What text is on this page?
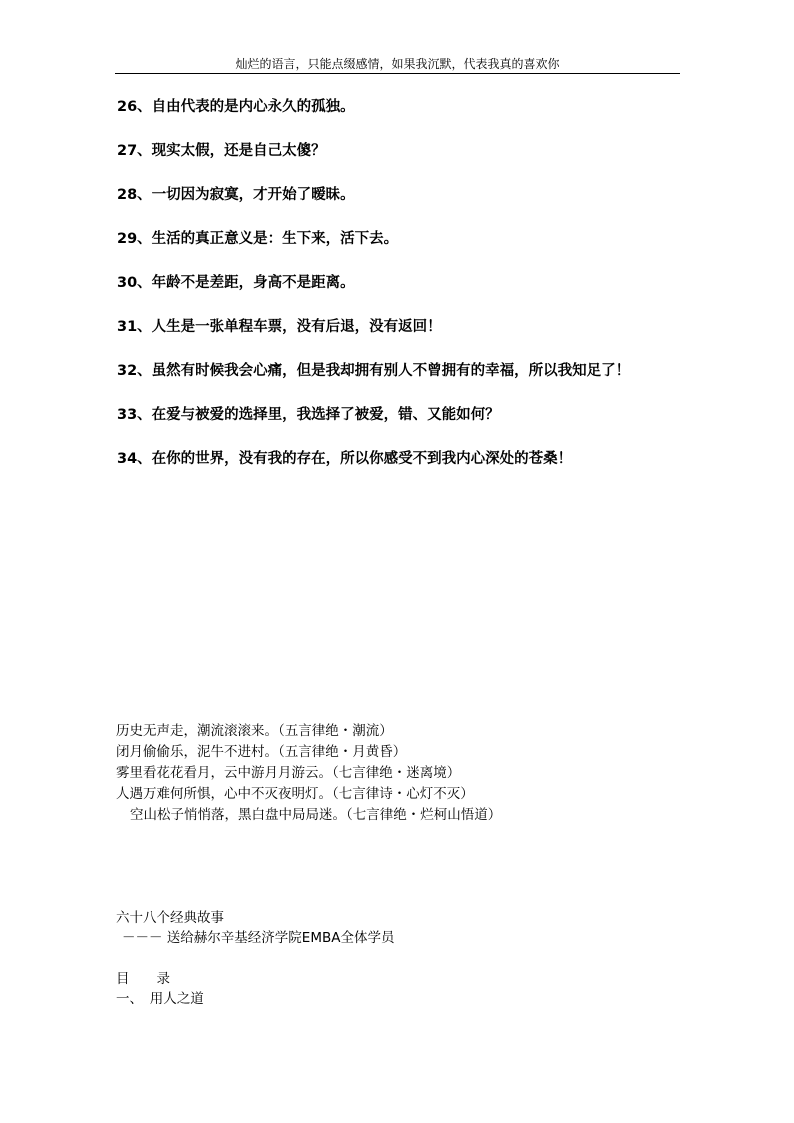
灿烂的语言，只能点缀感情，如果我沉默，代表我真的喜欢你
26、自由代表的是内心永久的孤独。
27、现实太假，还是自己太傻？
28、一切因为寂寞，才开始了暧昧。
29、生活的真正意义是：生下来，活下去。
30、年龄不是差距，身高不是距离。
31、人生是一张单程车票，没有后退，没有返回！
32、虽然有时候我会心痛，但是我却拥有别人不曾拥有的幸福，所以我知足了！
33、在爱与被爱的选择里，我选择了被爱，错、又能如何？
34、在你的世界，没有我的存在，所以你感受不到我内心深处的苍桑！
历史无声走，潮流滚滚来。（五言律绝・潮流）
闭月偷偷乐，泥牛不进村。（五言律绝・月黄昏）
雾里看花花看月，云中游月月游云。（七言律绝・迷离境）
人遇万难何所惧，心中不灭夜明灯。（七言律诗・心灯不灭）
空山松子悄悄落，黑白盘中局局迷。（七言律绝・烂柯山悟道）
六十八个经典故事
－－－ 送给赫尔辛基经济学院EMBA全体学员
目　　录
一、　用人之道
